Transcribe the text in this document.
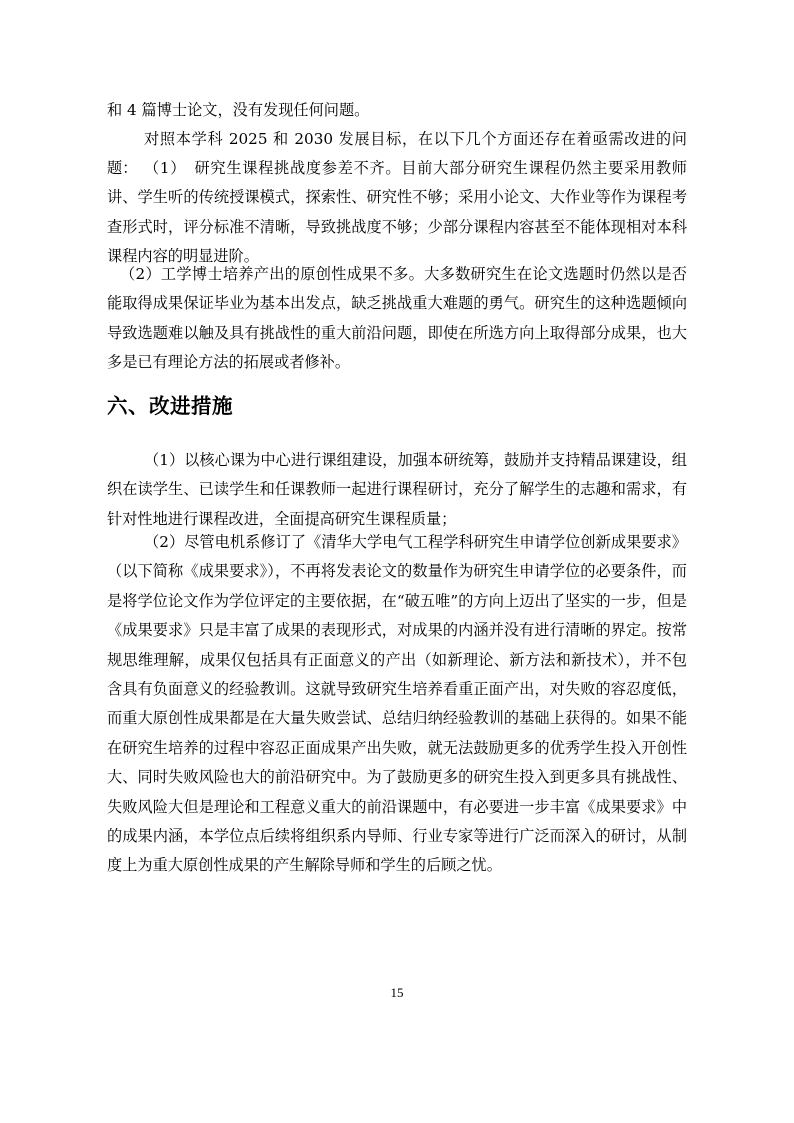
和 4 篇博士论文，没有发现任何问题。

对照本学科 2025 和 2030 发展目标，在以下几个方面还存在着亟需改进的问题： （1）　研究生课程挑战度参差不齐。目前大部分研究生课程仍然主要采用教师讲、学生听的传统授课模式，探索性、研究性不够；采用小论文、大作业等作为课程考查形式时，评分标准不清晰，导致挑战度不够；少部分课程内容甚至不能体现相对本科课程内容的明显进阶。

（2）工学博士培养产出的原创性成果不多。大多数研究生在论文选题时仍然以是否能取得成果保证毕业为基本出发点，缺乏挑战重大难题的勇气。研究生的这种选题倾向导致选题难以触及具有挑战性的重大前沿问题，即使在所选方向上取得部分成果，也大多是已有理论方法的拓展或者修补。

六、改进措施

（1）以核心课为中心进行课组建设，加强本研统筹，鼓励并支持精品课建设，组织在读学生、已读学生和任课教师一起进行课程研讨，充分了解学生的志趣和需求，有针对性地进行课程改进，全面提高研究生课程质量；

（2）尽管电机系修订了《清华大学电气工程学科研究生申请学位创新成果要求》（以下简称《成果要求》），不再将发表论文的数量作为研究生申请学位的必要条件，而是将学位论文作为学位评定的主要依据，在“破五唯”的方向上迈出了坚实的一步，但是《成果要求》只是丰富了成果的表现形式，对成果的内涵并没有进行清晰的界定。按常规思维理解，成果仅包括具有正面意义的产出（如新理论、新方法和新技术），并不包含具有负面意义的经验教训。这就导致研究生培养看重正面产出，对失败的容忍度低，而重大原创性成果都是在大量失败尝试、总结归纳经验教训的基础上获得的。如果不能在研究生培养的过程中容忍正面成果产出失败，就无法鼓励更多的优秀学生投入开创性大、同时失败风险也大的前沿研究中。为了鼓励更多的研究生投入到更多具有挑战性、失败风险大但是理论和工程意义重大的前沿课题中，有必要进一步丰富《成果要求》中的成果内涵，本学位点后续将组织系内导师、行业专家等进行广泛而深入的研讨，从制度上为重大原创性成果的产生解除导师和学生的后顾之忧。

15
